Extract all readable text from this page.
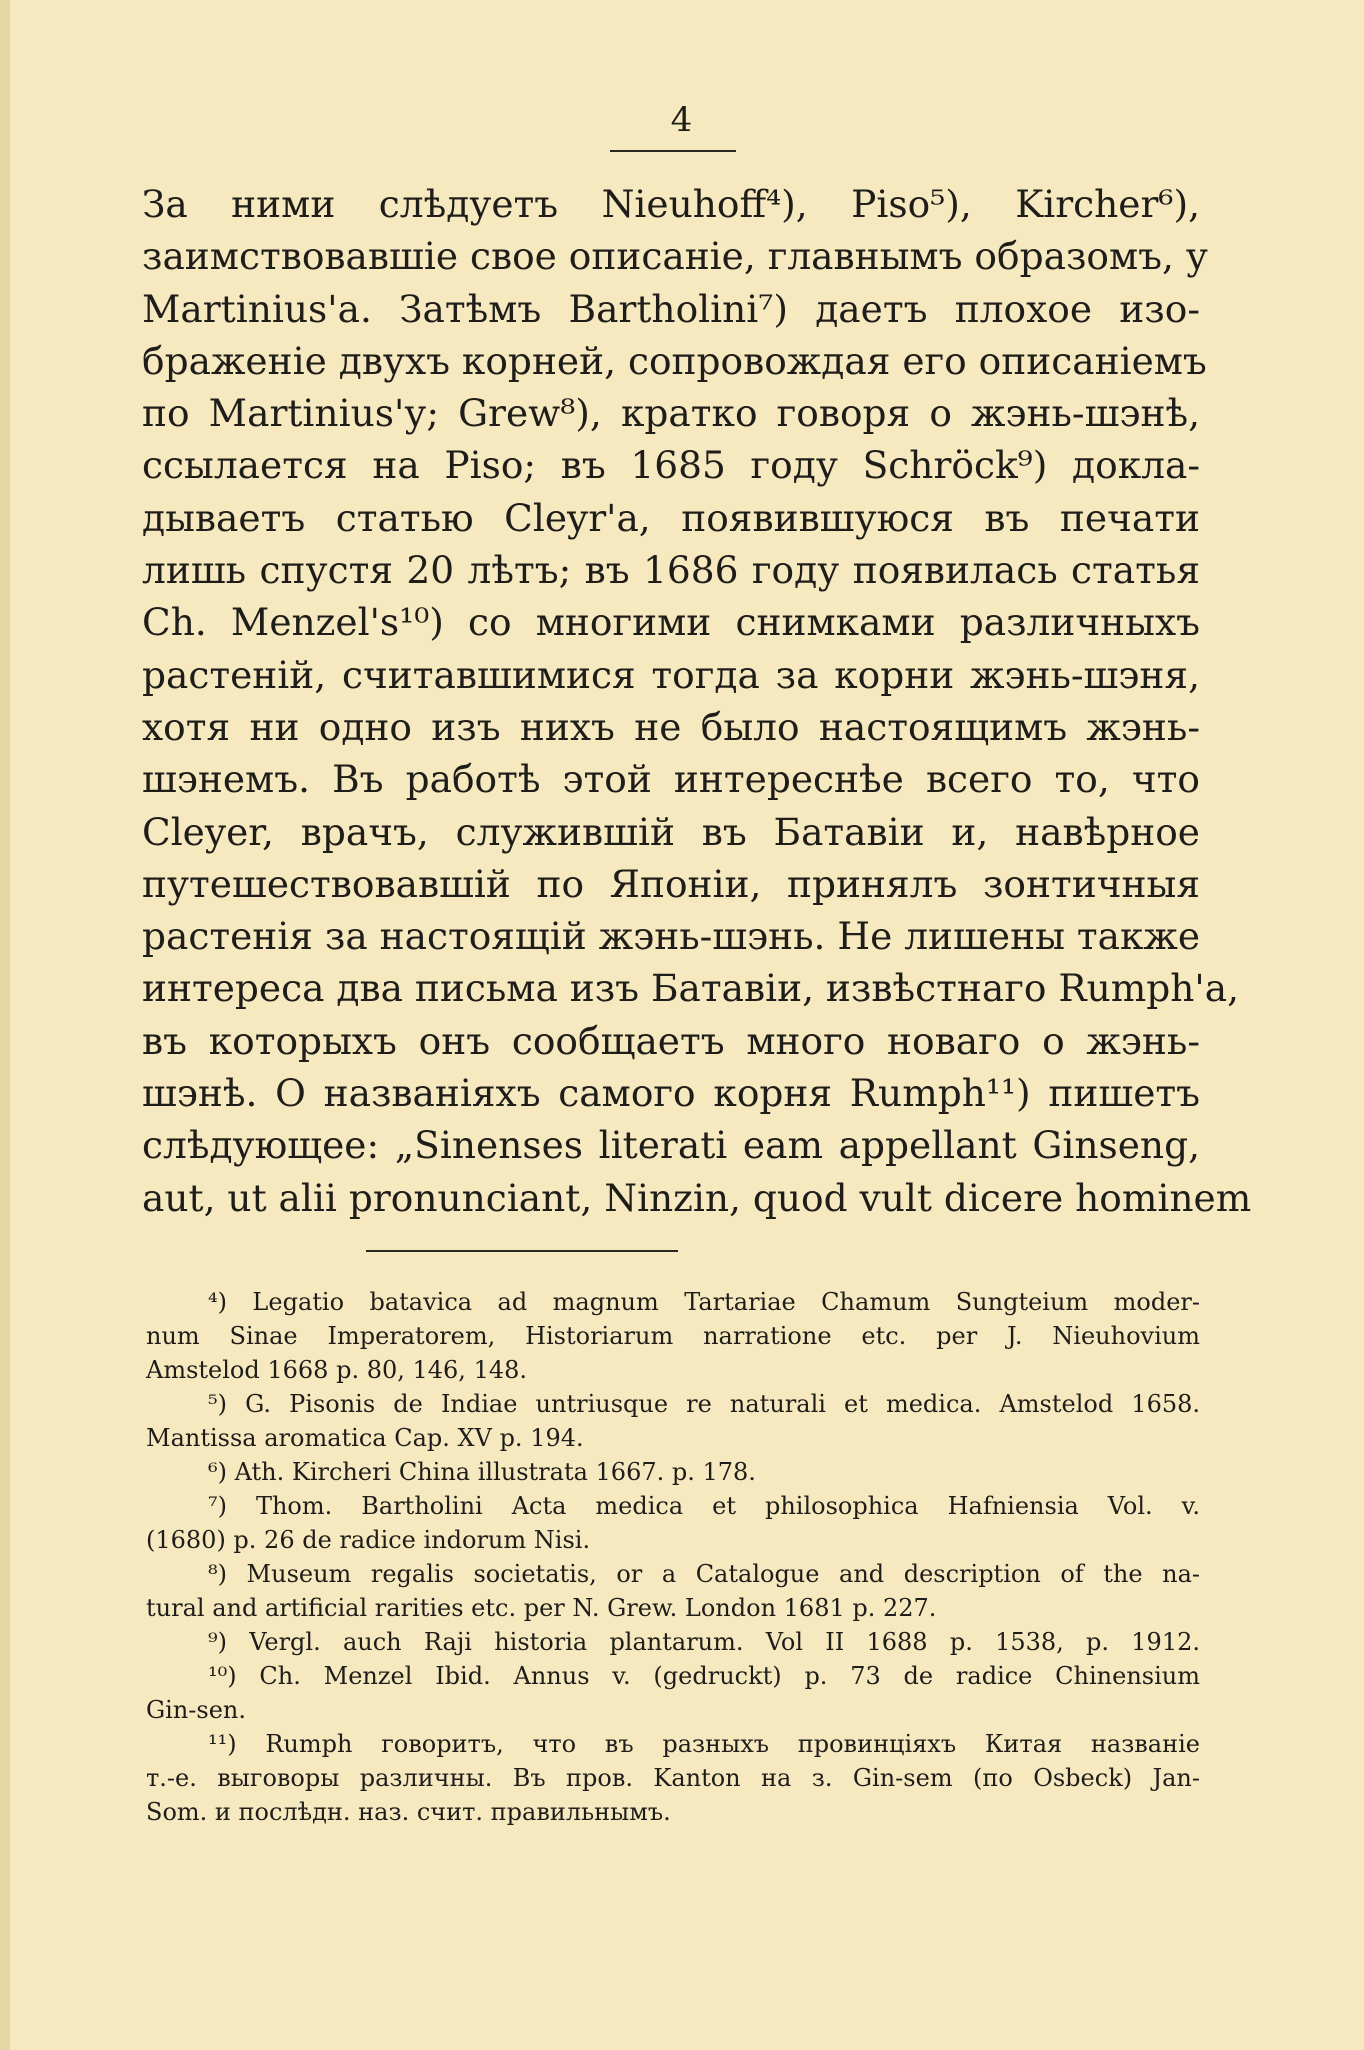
4
За ними слѣдуетъ Nieuhoff⁴), Piso⁵), Kircher⁶),
заимствовавшіе свое описаніе, главнымъ образомъ, у
Martinius'а. Затѣмъ Bartholini⁷) даетъ плохое изо-
браженіе двухъ корней, сопровождая его описаніемъ
по Martinius'у; Grew⁸), кратко говоря о жэнь-шэнѣ,
ссылается на Piso; въ 1685 году Schröck⁹) докла-
дываетъ статью Cleyr'а, появившуюся въ печати
лишь спустя 20 лѣтъ; въ 1686 году появилась статья
Ch. Menzel's¹⁰) со многими снимками различныхъ
растеній, считавшимися тогда за корни жэнь-шэня,
хотя ни одно изъ нихъ не было настоящимъ жэнь-
шэнемъ. Въ работѣ этой интереснѣе всего то, что
Cleyer, врачъ, служившій въ Батавіи и, навѣрное
путешествовавшій по Японіи, принялъ зонтичныя
растенія за настоящій жэнь-шэнь. Не лишены также
интереса два письма изъ Батавіи, извѣстнаго Rumph'а,
въ которыхъ онъ сообщаетъ много новаго о жэнь-
шэнѣ. О названіяхъ самого корня Rumph¹¹) пишетъ
слѣдующее: „Sinenses literati eam appellant Ginseng,
aut, ut alii pronunciant, Ninzin, quod vult dicere hominem
⁴) Legatio batavica ad magnum Tartariae Chamum Sungteium moder-
num Sinae Imperatorem, Historiarum narratione etc. per J. Nieuhovium
Amstelod 1668 p. 80, 146, 148.
⁵) G. Pisonis de Indiae untriusque re naturali et medica. Amstelod 1658.
Mantissa aromatica Cap. XV p. 194.
⁶) Ath. Kircheri China illustrata 1667. p. 178.
⁷) Thom. Bartholini Acta medica et philosophica Hafniensia Vol. v.
(1680) p. 26 de radice indorum Nisi.
⁸) Museum regalis societatis, or a Catalogue and description of the na-
tural and artificial rarities etc. per N. Grew. London 1681 p. 227.
⁹) Vergl. auch Raji historia plantarum. Vol II 1688 p. 1538, p. 1912.
¹⁰) Ch. Menzel Ibid. Annus v. (gedruckt) p. 73 de radice Chinensium
Gin-sen.
¹¹) Rumph говоритъ, что въ разныхъ провинціяхъ Китая названіе
т.-е. выговоры различны. Въ пров. Kanton на з. Gin-sem (по Osbeck) Jan-
Som. и послѣдн. наз. счит. правильнымъ.
